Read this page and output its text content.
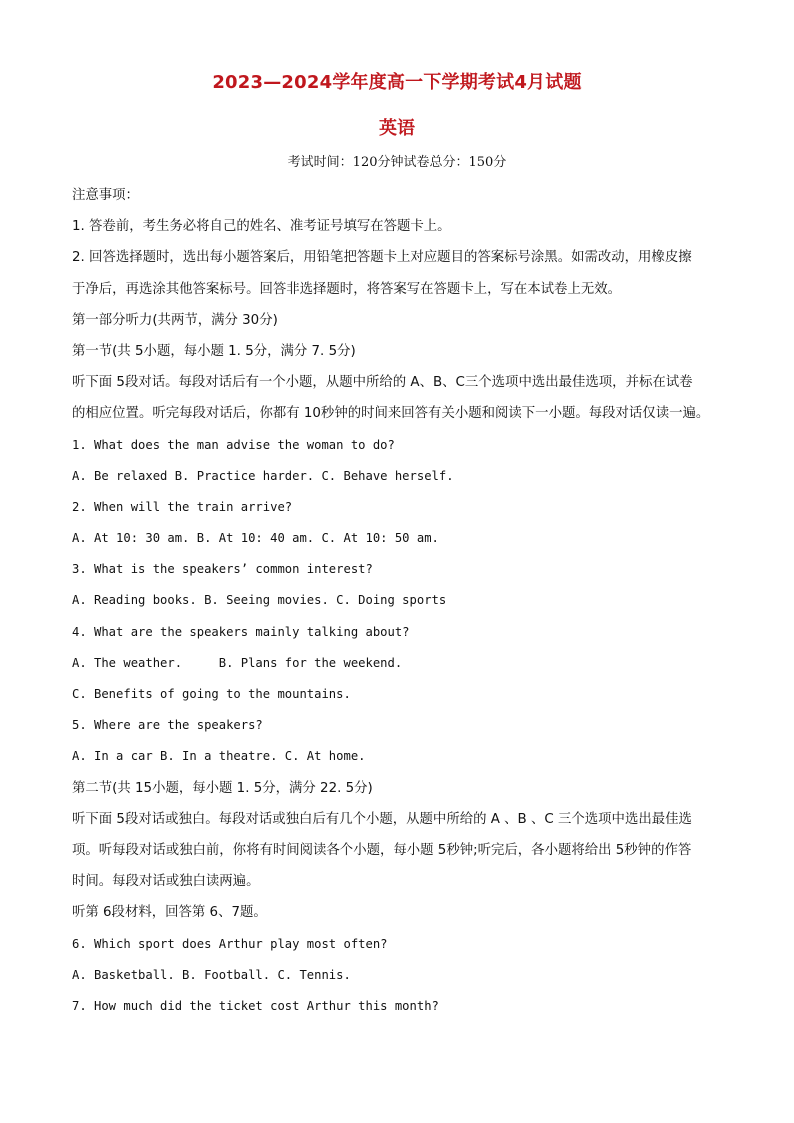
2023—2024学年度高一下学期考试4月试题
英语
考试时间：120分钟试卷总分：150分
注意事项：
1. 答卷前，考生务必将自己的姓名、准考证号填写在答题卡上。
2. 回答选择题时，选出每小题答案后，用铅笔把答题卡上对应题目的答案标号涂黑。如需改动，用橡皮擦
于净后，再选涂其他答案标号。回答非选择题时，将答案写在答题卡上，写在本试卷上无效。
第一部分听力(共两节，满分 30分)
第一节(共 5小题，每小题 1. 5分，满分 7. 5分)
听下面 5段对话。每段对话后有一个小题，从题中所给的 A、B、C三个选项中选出最佳选项，并标在试卷
的相应位置。听完每段对话后，你都有 10秒钟的时间来回答有关小题和阅读下一小题。每段对话仅读一遍。
1. What does the man advise the woman to do?
A. Be relaxed B. Practice harder. C. Behave herself.
2. When will the train arrive?
A. At 10: 30 am. B. At 10: 40 am. C. At 10: 50 am.
3. What is the speakers’ common interest?
A. Reading books. B. Seeing movies. C. Doing sports
4. What are the speakers mainly talking about?
A. The weather.     B. Plans for the weekend.
C. Benefits of going to the mountains.
5. Where are the speakers?
A. In a car B. In a theatre. C. At home.
第二节(共 15小题，每小题 1. 5分，满分 22. 5分)
听下面 5段对话或独白。每段对话或独白后有几个小题，从题中所给的 A 、B 、C 三个选项中选出最佳选
项。听每段对话或独白前，你将有时间阅读各个小题，每小题 5秒钟;听完后，各小题将给出 5秒钟的作答
时间。每段对话或独白读两遍。
听第 6段材料，回答第 6、7题。
6. Which sport does Arthur play most often?
A. Basketball. B. Football. C. Tennis.
7. How much did the ticket cost Arthur this month?
